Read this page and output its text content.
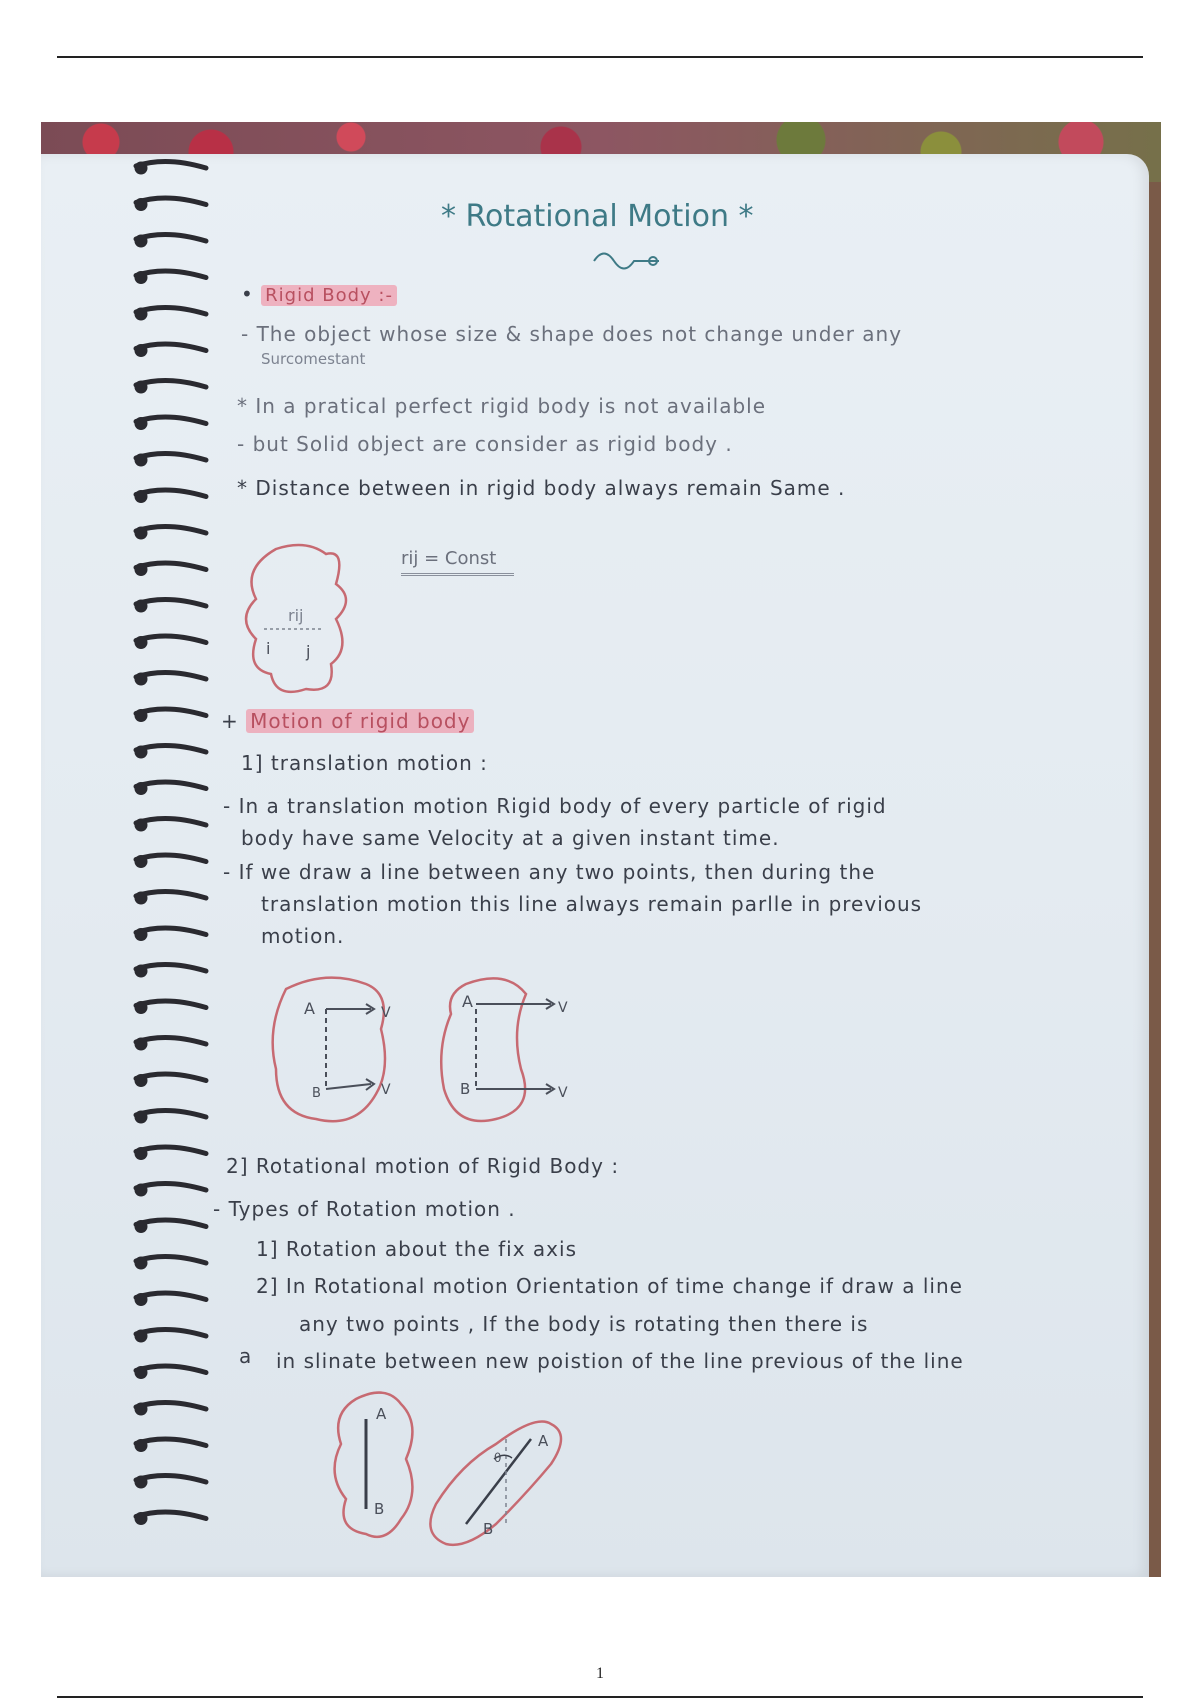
* Rotational Motion *
• Rigid Body :-
- The object whose size & shape does not change under any
Surcomestant
* In a pratical perfect rigid body is not available
- but Solid object are consider as rigid body .
* Distance between in rigid body always remain Same .
rij
i j
rij = Const
+ Motion of rigid body
1] translation motion :
- In a translation motion Rigid body of every particle of rigid
body have same Velocity at a given instant time.
- If we draw a line between any two points, then during the
translation motion this line always remain parlle in previous
motion.
A
B
V
V
A
B
V
V
2] Rotational motion of Rigid Body :
- Types of Rotation motion .
1] Rotation about the fix axis
2] In Rotational motion Orientation of time change if draw a line
any two points , If the body is rotating then there is
a in slinate between new poistion of the line previous of the line
A
B
A
B
θ
1
